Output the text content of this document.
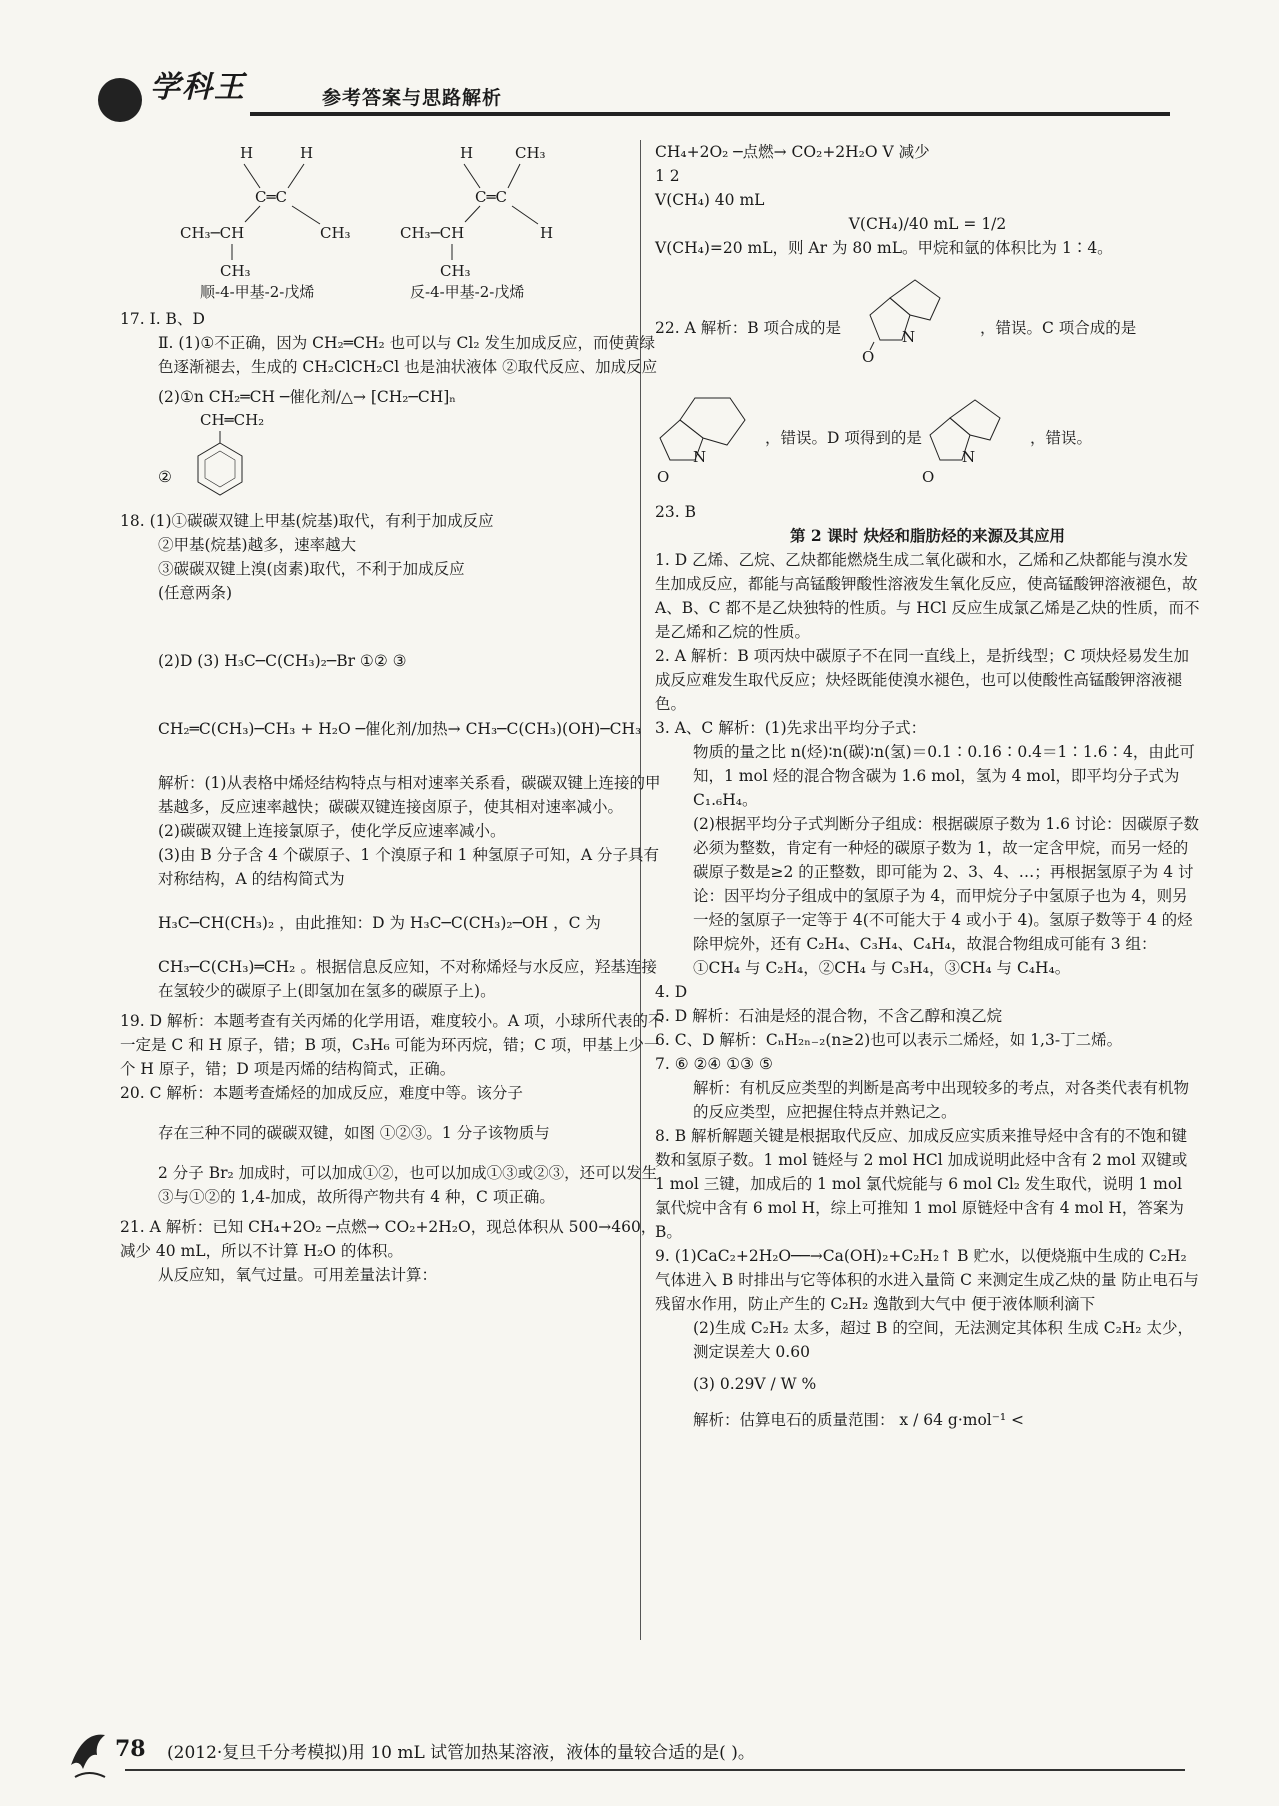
学科王	参考答案与思路解析
H	H
C═C
CH₃─CH	CH₃
CH₃
H	CH₃
C═C
CH₃─CH	H
CH₃
顺-4-甲基-2-戊烯	反-4-甲基-2-戊烯

17. Ⅰ. B、D

Ⅱ. (1)①不正确，因为 CH₂═CH₂ 也可以与 Cl₂ 发生加成反应，而使黄绿色逐渐褪去，生成的 CH₂ClCH₂Cl 也是油状液体 ②取代反应、加成反应

(2)①n CH₂═CH ─催化剂/△→ [CH₂─CH]ₙ

②
CH═CH₂

18. (1)①碳碳双键上甲基(烷基)取代，有利于加成反应

②甲基(烷基)越多，速率越大

③碳碳双键上溴(卤素)取代，不利于加成反应

(任意两条)

(2)D (3) H₃C─C(CH₃)₂─Br ①② ③

CH₂═C(CH₃)─CH₃ + H₂O ─催化剂/加热→ CH₃─C(CH₃)(OH)─CH₃

解析：(1)从表格中烯烃结构特点与相对速率关系看，碳碳双键上连接的甲基越多，反应速率越快；碳碳双键连接卤原子，使其相对速率减小。

(2)碳碳双键上连接氯原子，使化学反应速率减小。

(3)由 B 分子含 4 个碳原子、1 个溴原子和 1 种氢原子可知，A 分子具有对称结构，A 的结构简式为

H₃C─CH(CH₃)₂ ，由此推知：D 为 H₃C─C(CH₃)₂─OH ，C 为

CH₃─C(CH₃)═CH₂ 。根据信息反应知，不对称烯烃与水反应，羟基连接在氢较少的碳原子上(即氢加在氢多的碳原子上)。

19. D 解析：本题考查有关丙烯的化学用语，难度较小。A 项，小球所代表的不一定是 C 和 H 原子，错；B 项，C₃H₆ 可能为环丙烷，错；C 项，甲基上少一个 H 原子，错；D 项是丙烯的结构简式，正确。

20. C 解析：本题考查烯烃的加成反应，难度中等。该分子

存在三种不同的碳碳双键，如图 ①②③。1 分子该物质与

2 分子 Br₂ 加成时，可以加成①②，也可以加成①③或②③，还可以发生③与①②的 1,4-加成，故所得产物共有 4 种，C 项正确。

21. A 解析：已知 CH₄+2O₂ ─点燃→ CO₂+2H₂O，现总体积从 500→460，减少 40 mL，所以不计算 H₂O 的体积。

从反应知，氧气过量。可用差量法计算：

CH₄+2O₂ ─点燃→ CO₂+2H₂O V 减少

1 2

V(CH₄) 40 mL

V(CH₄)/40 mL = 1/2

V(CH₄)=20 mL，则 Ar 为 80 mL。甲烷和氩的体积比为 1∶4。

22. A 解析：B 项合成的是	N
O
，错误。C 项合成的是
N
O
，错误。D 项得到的是
N
O
，错误。

23. B

第 2 课时 炔烃和脂肪烃的来源及其应用

1. D 乙烯、乙烷、乙炔都能燃烧生成二氧化碳和水，乙烯和乙炔都能与溴水发生加成反应，都能与高锰酸钾酸性溶液发生氧化反应，使高锰酸钾溶液褪色，故 A、B、C 都不是乙炔独特的性质。与 HCl 反应生成氯乙烯是乙炔的性质，而不是乙烯和乙烷的性质。

2. A 解析：B 项丙炔中碳原子不在同一直线上，是折线型；C 项炔烃易发生加成反应难发生取代反应；炔烃既能使溴水褪色，也可以使酸性高锰酸钾溶液褪色。

3. A、C 解析：(1)先求出平均分子式：

物质的量之比 n(烃)∶n(碳)∶n(氢)＝0.1∶0.16∶0.4＝1∶1.6∶4，由此可知，1 mol 烃的混合物含碳为 1.6 mol，氢为 4 mol，即平均分子式为 C₁.₆H₄。

(2)根据平均分子式判断分子组成：根据碳原子数为 1.6 讨论：因碳原子数必须为整数，肯定有一种烃的碳原子数为 1，故一定含甲烷，而另一烃的碳原子数是≥2 的正整数，即可能为 2、3、4、…；再根据氢原子为 4 讨论：因平均分子组成中的氢原子为 4，而甲烷分子中氢原子也为 4，则另一烃的氢原子一定等于 4(不可能大于 4 或小于 4)。氢原子数等于 4 的烃除甲烷外，还有 C₂H₄、C₃H₄、C₄H₄，故混合物组成可能有 3 组：①CH₄ 与 C₂H₄，②CH₄ 与 C₃H₄，③CH₄ 与 C₄H₄。

4. D

5. D 解析：石油是烃的混合物，不含乙醇和溴乙烷

6. C、D 解析：CₙH₂ₙ₋₂(n≥2)也可以表示二烯烃，如 1,3-丁二烯。

7. ⑥ ②④ ①③ ⑤

解析：有机反应类型的判断是高考中出现较多的考点，对各类代表有机物的反应类型，应把握住特点并熟记之。

8. B 解析解题关键是根据取代反应、加成反应实质来推导烃中含有的不饱和键数和氢原子数。1 mol 链烃与 2 mol HCl 加成说明此烃中含有 2 mol 双键或 1 mol 三键，加成后的 1 mol 氯代烷能与 6 mol Cl₂ 发生取代，说明 1 mol 氯代烷中含有 6 mol H，综上可推知 1 mol 原链烃中含有 4 mol H，答案为 B。

9. (1)CaC₂+2H₂O──→Ca(OH)₂+C₂H₂↑ B 贮水，以便烧瓶中生成的 C₂H₂ 气体进入 B 时排出与它等体积的水进入量筒 C 来测定生成乙炔的量 防止电石与残留水作用，防止产生的 C₂H₂ 逸散到大气中 便于液体顺利滴下

(2)生成 C₂H₂ 太多，超过 B 的空间，无法测定其体积 生成 C₂H₂ 太少，测定误差大 0.60

(3) 0.29V / W %

解析：估算电石的质量范围： x / 64 g·mol⁻¹ <

78 (2012·复旦千分考模拟)用 10 mL 试管加热某溶液，液体的量较合适的是( )。
